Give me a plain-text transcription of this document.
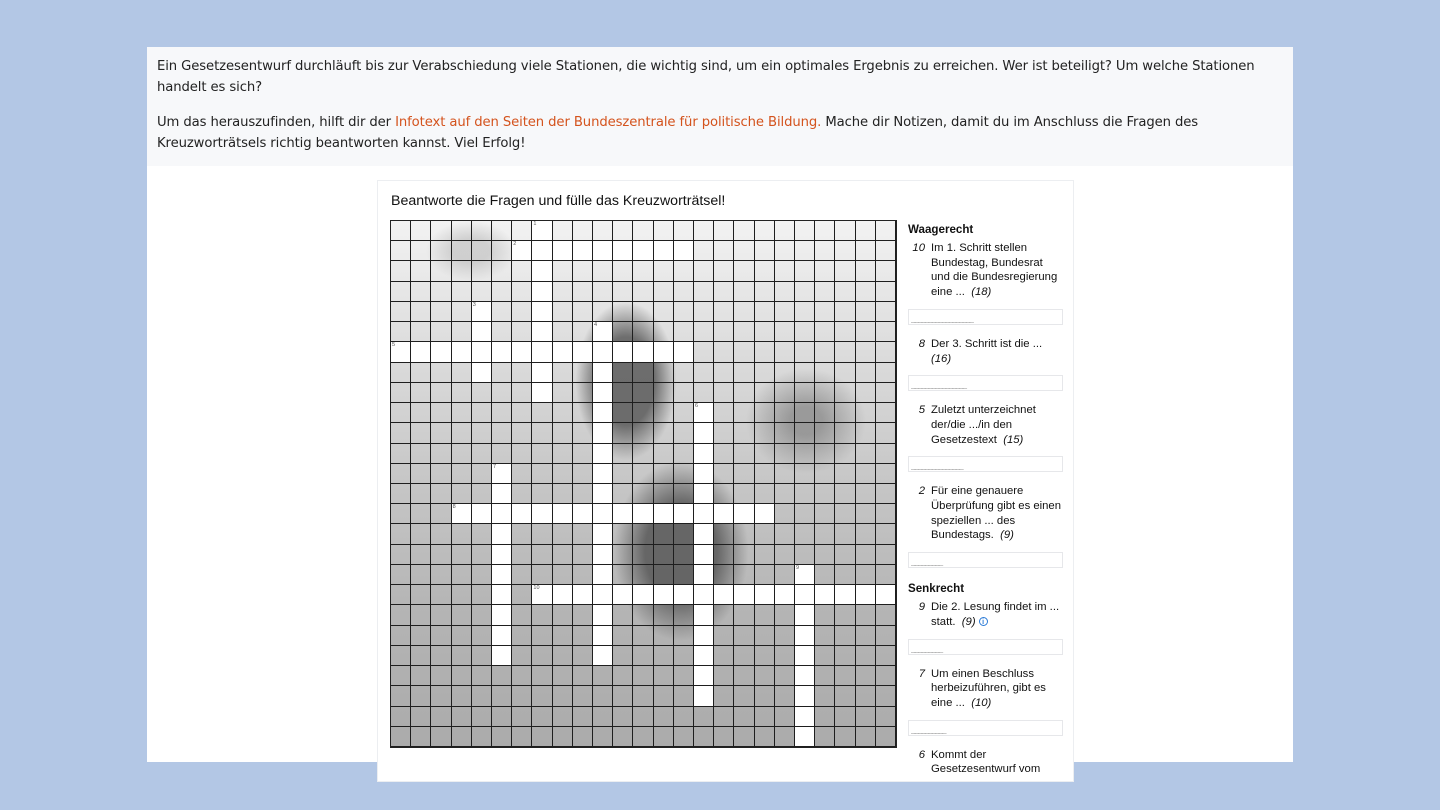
Ein Gesetzesentwurf durchläuft bis zur Verabschiedung viele Stationen, die wichtig sind, um ein optimales Ergebnis zu erreichen. Wer ist beteiligt? Um welche Stationen handelt es sich?

Um das herauszufinden, hilft dir der Infotext auf den Seiten der Bundeszentrale für politische Bildung. Mache dir Notizen, damit du im Anschluss die Fragen des Kreuzworträtsels richtig beantworten kannst. Viel Erfolg!

Beantworte die Fragen und fülle das Kreuzworträtsel!
1
2
3
4
5
6
7
8
9
10
Waagerecht
10 Im 1. Schritt stellen Bundestag, Bundesrat und die Bundesregierung eine ... (18)
__________________
8 Der 3. Schritt ist die ...  (16)
________________
5 Zuletzt unterzeichnet der/die .../in den Gesetzestext (15)
_______________
2 Für eine genauere Überprüfung gibt es einen speziellen ... des Bundestags. (9)
_________
Senkrecht
9 Die 2. Lesung findet im ... statt. (9) i
_________
7 Um einen Beschluss herbeizuführen, gibt es eine ... (10)
__________
6 Kommt der Gesetzesentwurf vom
